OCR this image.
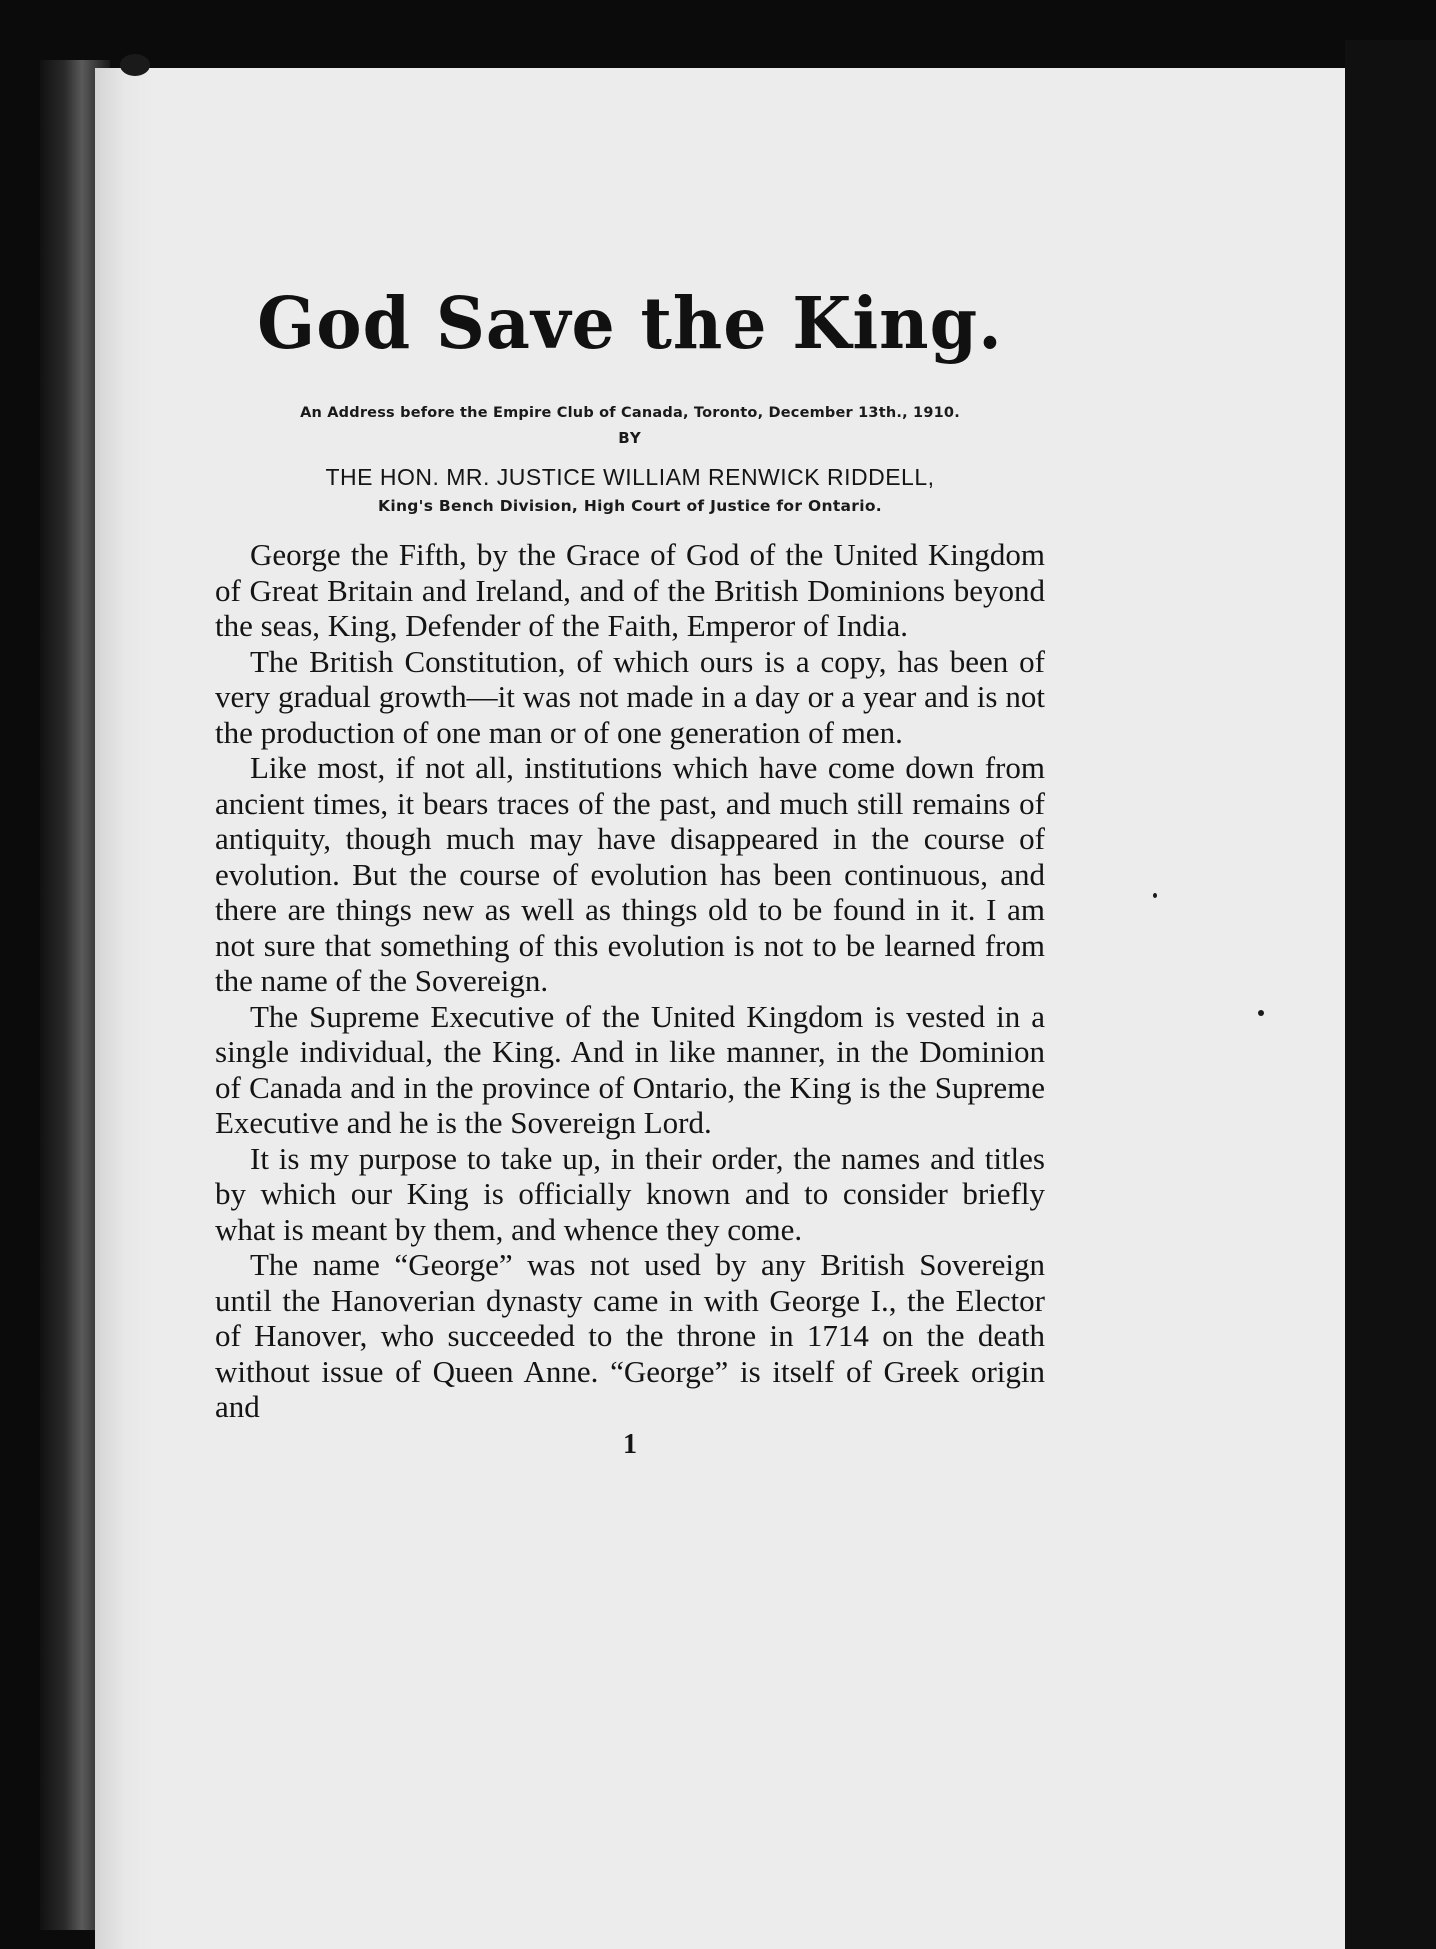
God Save the King.
An Address before the Empire Club of Canada, Toronto, December 13th., 1910.
BY
THE HON. MR. JUSTICE WILLIAM RENWICK RIDDELL,
King's Bench Division, High Court of Justice for Ontario.

George the Fifth, by the Grace of God of the United Kingdom of Great Britain and Ireland, and of the British Dominions beyond the seas, King, Defender of the Faith, Emperor of India.

The British Constitution, of which ours is a copy, has been of very gradual growth—it was not made in a day or a year and is not the production of one man or of one generation of men.

Like most, if not all, institutions which have come down from ancient times, it bears traces of the past, and much still remains of antiquity, though much may have disappeared in the course of evolution. But the course of evolution has been continuous, and there are things new as well as things old to be found in it. I am not sure that something of this evolution is not to be learned from the name of the Sovereign.

The Supreme Executive of the United Kingdom is vested in a single individual, the King. And in like manner, in the Dominion of Canada and in the province of Ontario, the King is the Supreme Executive and he is the Sovereign Lord.

It is my purpose to take up, in their order, the names and titles by which our King is officially known and to consider briefly what is meant by them, and whence they come.

The name “George” was not used by any British Sovereign until the Hanoverian dynasty came in with George I., the Elector of Hanover, who succeeded to the throne in 1714 on the death without issue of Queen Anne. “George” is itself of Greek origin and

1
